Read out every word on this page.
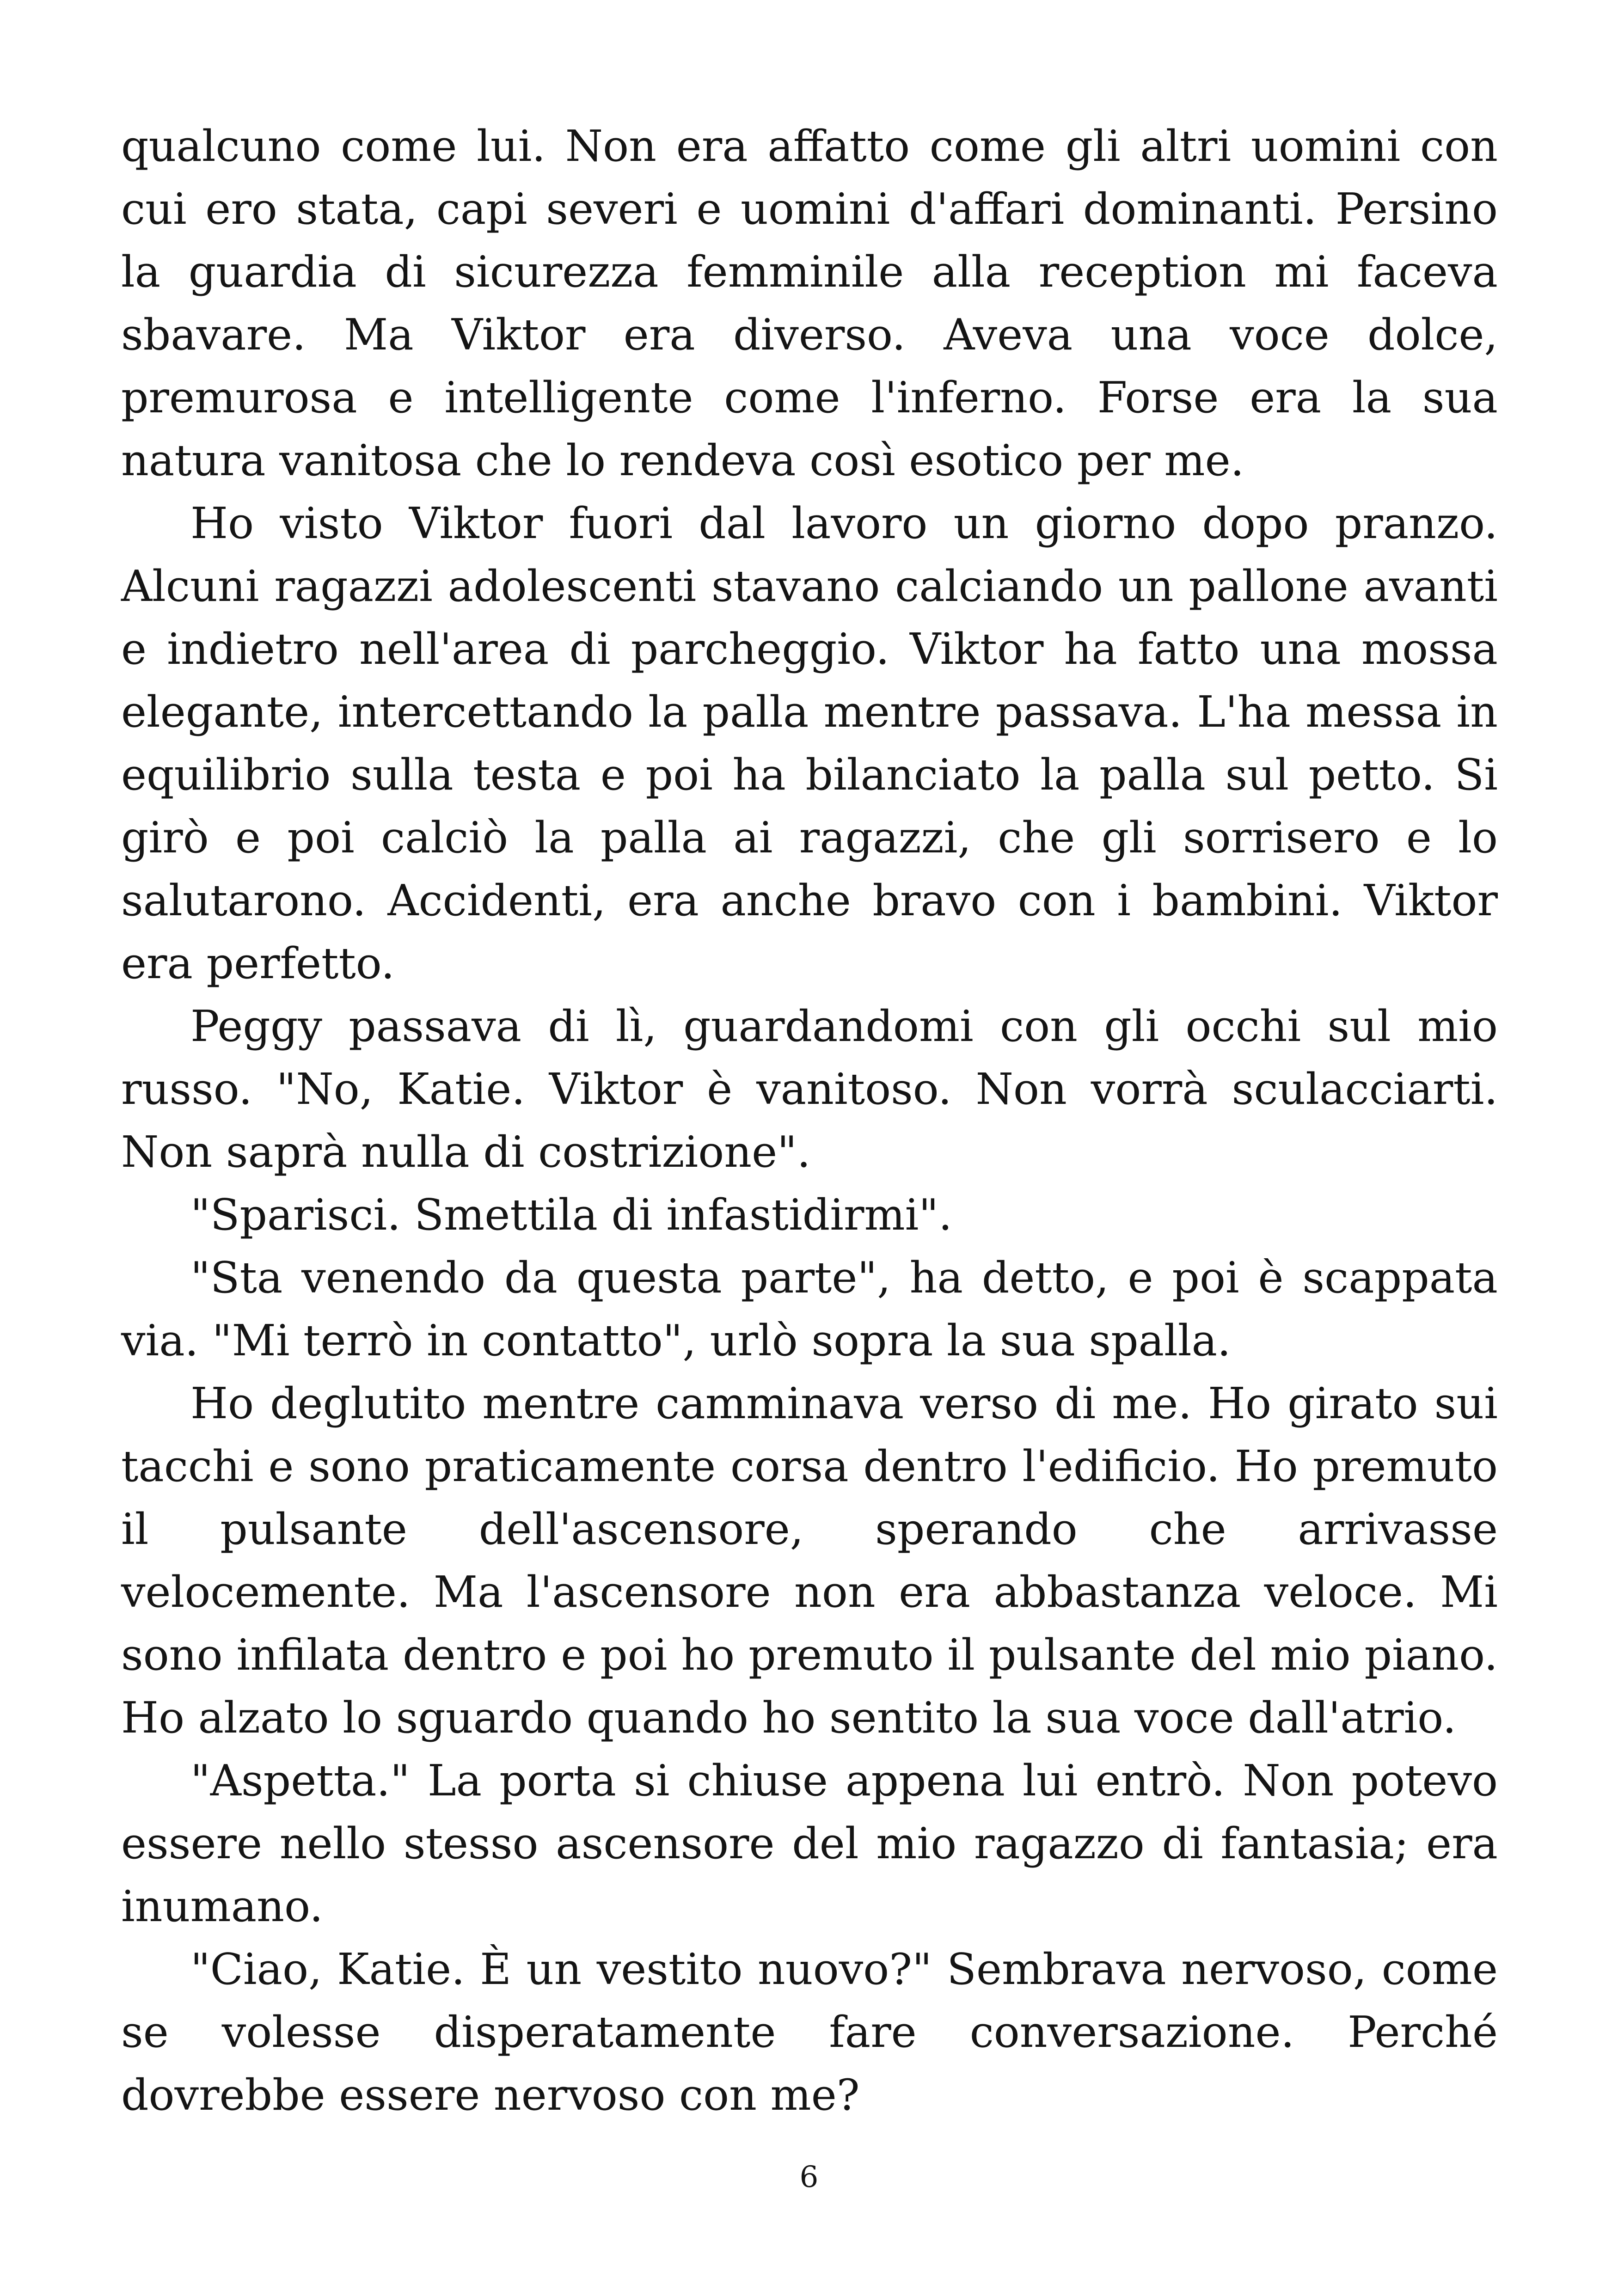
qualcuno come lui. Non era affatto come gli altri uomini con cui ero stata, capi severi e uomini d'affari dominanti. Persino la guardia di sicurezza femminile alla reception mi faceva sbavare. Ma Viktor era diverso. Aveva una voce dolce, premurosa e intelligente come l'inferno. Forse era la sua natura vanitosa che lo rendeva così esotico per me.

Ho visto Viktor fuori dal lavoro un giorno dopo pranzo. Alcuni ragazzi adolescenti stavano calciando un pallone avanti e indietro nell'area di parcheggio. Viktor ha fatto una mossa elegante, intercettando la palla mentre passava. L'ha messa in equilibrio sulla testa e poi ha bilanciato la palla sul petto. Si girò e poi calciò la palla ai ragazzi, che gli sorrisero e lo salutarono. Accidenti, era anche bravo con i bambini. Viktor era perfetto.

Peggy passava di lì, guardandomi con gli occhi sul mio russo. "No, Katie. Viktor è vanitoso. Non vorrà sculacciarti. Non saprà nulla di costrizione".

"Sparisci. Smettila di infastidirmi".

"Sta venendo da questa parte", ha detto, e poi è scappata via. "Mi terrò in contatto", urlò sopra la sua spalla.

Ho deglutito mentre camminava verso di me. Ho girato sui tacchi e sono praticamente corsa dentro l'edificio. Ho premuto il pulsante dell'ascensore, sperando che arrivasse velocemente. Ma l'ascensore non era abbastanza veloce. Mi sono infilata dentro e poi ho premuto il pulsante del mio piano. Ho alzato lo sguardo quando ho sentito la sua voce dall'atrio.

"Aspetta." La porta si chiuse appena lui entrò. Non potevo essere nello stesso ascensore del mio ragazzo di fantasia; era inumano.

"Ciao, Katie. È un vestito nuovo?" Sembrava nervoso, come se volesse disperatamente fare conversazione. Perché dovrebbe essere nervoso con me?

6
